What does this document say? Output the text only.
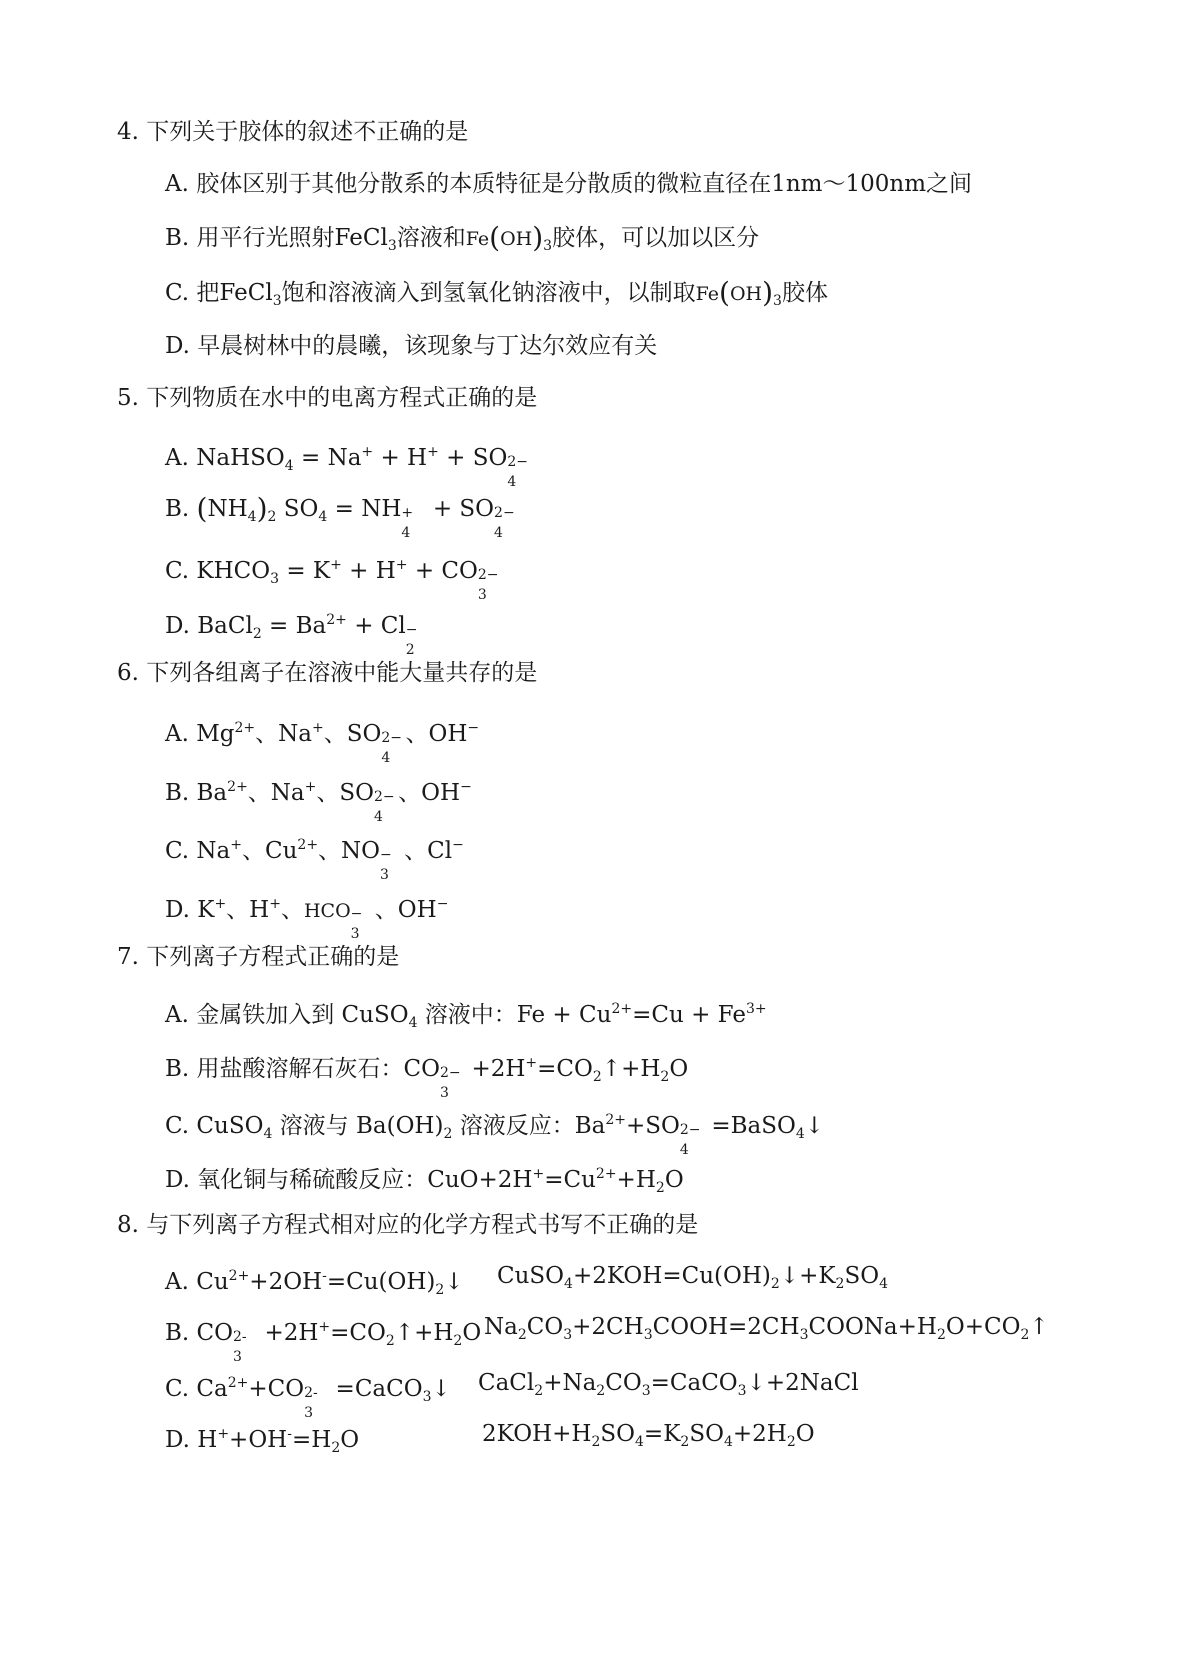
4. 下列关于胶体的叙述不正确的是
A. 胶体区别于其他分散系的本质特征是分散质的微粒直径在1nm～100nm之间
B. 用平行光照射FeCl$_3$溶液和$Fe(OH)_3$胶体，可以加以区分
C. 把FeCl$_3$饱和溶液滴入到氢氧化钠溶液中，以制取$Fe(OH)_3$胶体
D. 早晨树林中的晨曦，该现象与丁达尔效应有关
5. 下列物质在水中的电离方程式正确的是
A. NaHSO$_4$ = Na+ + H+ + SO 2−
4
B. $(NH_4)_2$ $SO_4$ = NH +
4
+ SO 2−
4
C. $KHCO_3 = K^+ + H^+$ + CO 2−
3
D. BaCl$_2$ = $Ba^{2+} + Cl$ −
2
6. 下列各组离子在溶液中能大量共存的是
A. $Mg^{2+}$、Na+、SO 2−
4
、OH−
B. $Ba^{2+}$、Na+、SO 2−
4
、OH−
C. Na+、$Cu^{2+}$、NO −
3
、Cl−
D. K+、H+、HCO −
3
、OH−
7. 下列离子方程式正确的是
A. 金属铁加入到 CuSO$_4$ 溶液中：$Fe + Cu^{2+}=Cu + Fe^{3+}$
B. 用盐酸溶解石灰石：CO 2−
3
$+2H^+=CO_2↑+H_2O$
C. CuSO$_4$ 溶液与 $Ba(OH)_2$ 溶液反应：$Ba^{2+}+SO$ 2−
4
=BaSO$_4$↓
D. 氧化铜与稀硫酸反应：$CuO+2H^+=Cu^{2+}+H_2O$
8. 与下列离子方程式相对应的化学方程式书写不正确的是
A. $Cu^{2+}+2OH^-=Cu(OH)_2↓$ $CuSO_4+2KOH=Cu(OH)_2↓+K_2SO_4$
B. CO 2-
3
$+2H^+=CO_2↑+H_2O$ $Na_2CO_3+2CH_3COOH=2CH_3COONa+H_2O+CO_2↑$
C. $Ca^{2+}+CO$ 2-
3
=CaCO$_3$↓ $CaCl_2+Na_2CO_3=CaCO_3↓+2NaCl$
D. $H^++OH^-=H_2O$	$2KOH+H_2SO_4=K_2SO_4+2H_2O$
